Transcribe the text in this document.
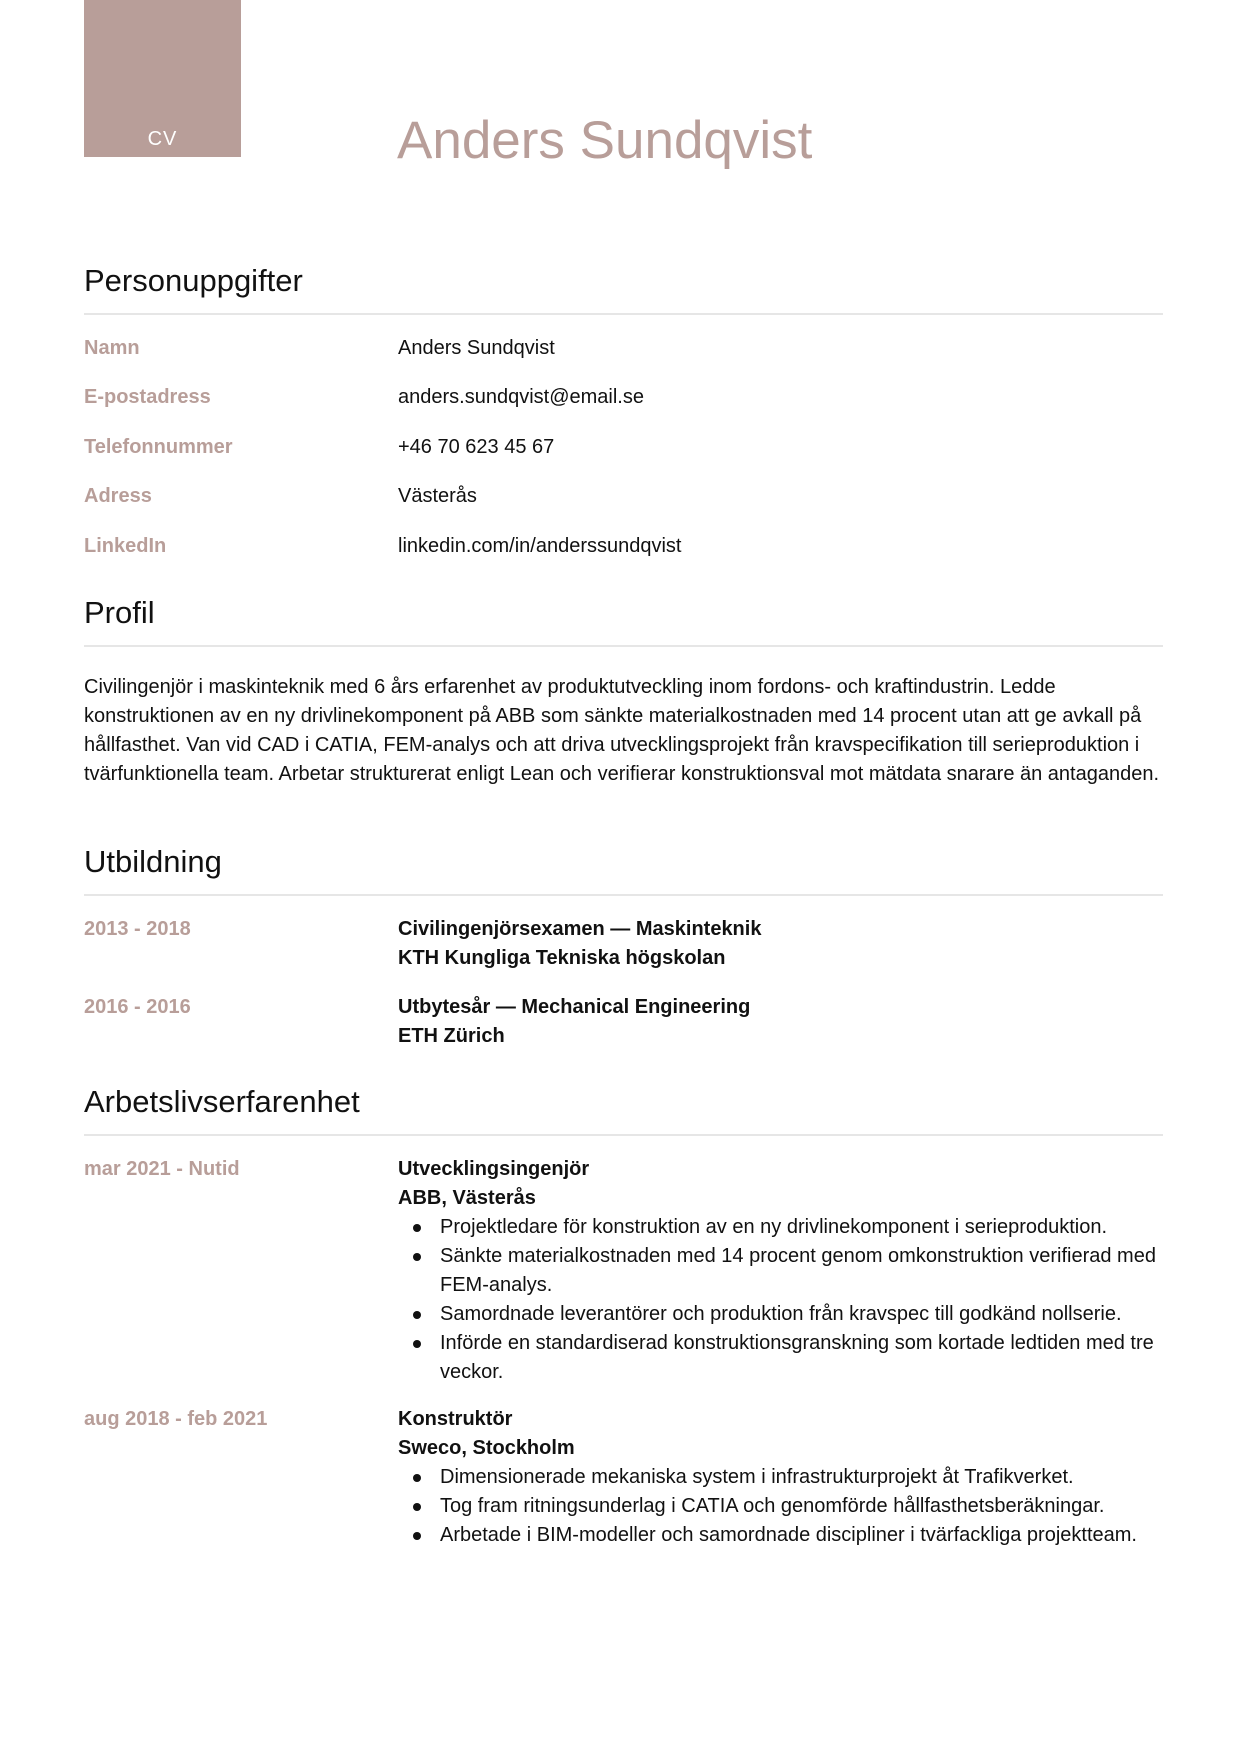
CV	Anders Sundqvist
Personuppgifter
Namn	Anders Sundqvist
E-postadress	anders.sundqvist@email.se
Telefonnummer	+46 70 623 45 67
Adress	Västerås
LinkedIn	linkedin.com/in/anderssundqvist
Profil

Civilingenjör i maskinteknik med 6 års erfarenhet av produktutveckling inom fordons- och kraftindustrin. Ledde konstruktionen av en ny drivlinekomponent på ABB som sänkte materialkostnaden med 14 procent utan att ge avkall på hållfasthet. Van vid CAD i CATIA, FEM-analys och att driva utvecklingsprojekt från kravspecifikation till serieproduktion i tvärfunktionella team. Arbetar strukturerat enligt Lean och verifierar konstruktionsval mot mätdata snarare än antaganden.

Utbildning
2013 - 2018	Civilingenjörsexamen — Maskinteknik
KTH Kungliga Tekniska högskolan
2016 - 2016	Utbytesår — Mechanical Engineering
ETH Zürich
Arbetslivserfarenhet
mar 2021 - Nutid	Utvecklingsingenjör
ABB, Västerås
Projektledare för konstruktion av en ny drivlinekomponent i serieproduktion.
Sänkte materialkostnaden med 14 procent genom omkonstruktion verifierad med FEM-analys.
Samordnade leverantörer och produktion från kravspec till godkänd nollserie.
Införde en standardiserad konstruktionsgranskning som kortade ledtiden med tre veckor.
aug 2018 - feb 2021	Konstruktör
Sweco, Stockholm
Dimensionerade mekaniska system i infrastrukturprojekt åt Trafikverket.
Tog fram ritningsunderlag i CATIA och genomförde hållfasthetsberäkningar.
Arbetade i BIM-modeller och samordnade discipliner i tvärfackliga projektteam.
